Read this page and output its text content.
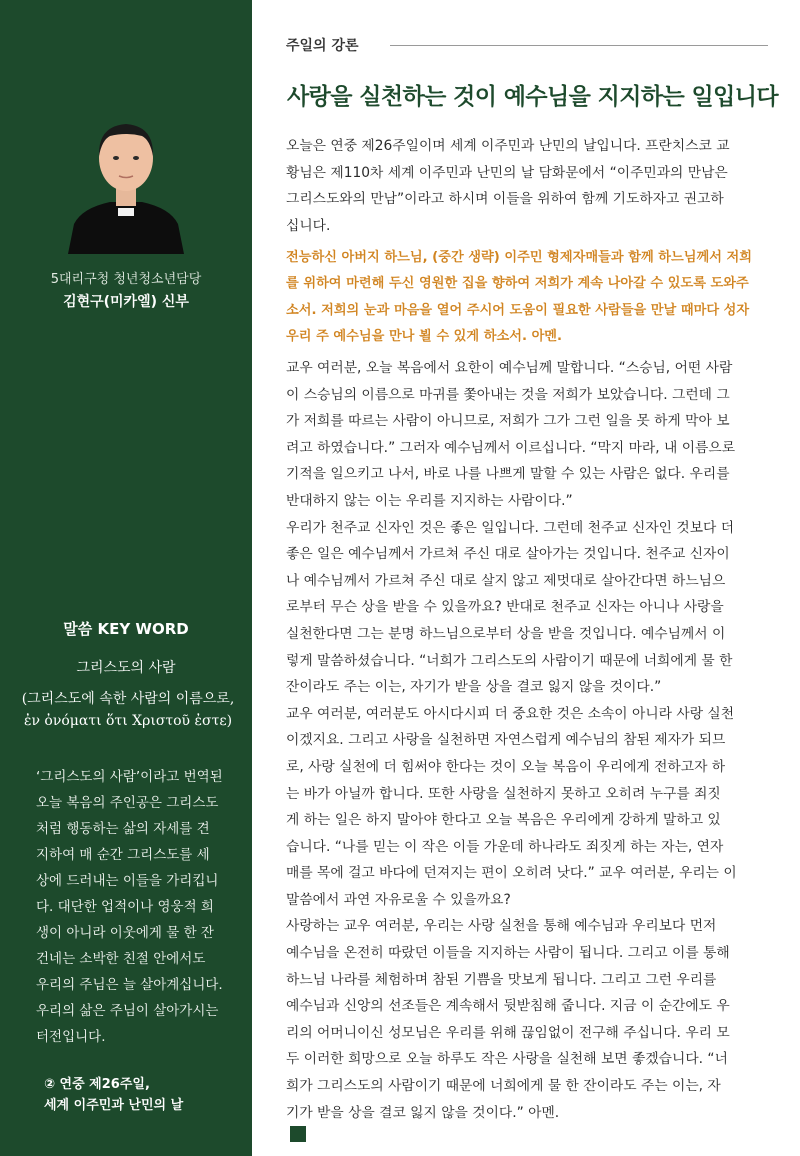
5대리구청 청년청소년담당
김현구(미카엘) 신부
말씀 KEY WORD
그리스도의 사람
(그리스도에 속한 사람의 이름으로,
ἐν ὀνόματι ὅτι Χριστοῦ ἐστε)
‘그리스도의 사람’이라고 번역된
오늘 복음의 주인공은 그리스도
처럼 행동하는 삶의 자세를 견
지하여 매 순간 그리스도를 세
상에 드러내는 이들을 가리킵니
다. 대단한 업적이나 영웅적 희
생이 아니라 이웃에게 물 한 잔
건네는 소박한 친절 안에서도
우리의 주님은 늘 살아계십니다.
우리의 삶은 주님이 살아가시는
터전입니다.
② 연중 제26주일,
세계 이주민과 난민의 날
주일의 강론
사랑을 실천하는 것이 예수님을 지지하는 일입니다
오늘은 연중 제26주일이며 세계 이주민과 난민의 날입니다. 프란치스코 교
황님은 제110차 세계 이주민과 난민의 날 담화문에서 “이주민과의 만남은
그리스도와의 만남”이라고 하시며 이들을 위하여 함께 기도하자고 권고하
십니다.
전능하신 아버지 하느님, (중간 생략) 이주민 형제자매들과 함께 하느님께서 저희
를 위하여 마련해 두신 영원한 집을 향하여 저희가 계속 나아갈 수 있도록 도와주
소서. 저희의 눈과 마음을 열어 주시어 도움이 필요한 사람들을 만날 때마다 성자
우리 주 예수님을 만나 뵐 수 있게 하소서. 아멘.
교우 여러분, 오늘 복음에서 요한이 예수님께 말합니다. “스승님, 어떤 사람
이 스승님의 이름으로 마귀를 쫓아내는 것을 저희가 보았습니다. 그런데 그
가 저희를 따르는 사람이 아니므로, 저희가 그가 그런 일을 못 하게 막아 보
려고 하였습니다.” 그러자 예수님께서 이르십니다. “막지 마라, 내 이름으로
기적을 일으키고 나서, 바로 나를 나쁘게 말할 수 있는 사람은 없다. 우리를
반대하지 않는 이는 우리를 지지하는 사람이다.”
우리가 천주교 신자인 것은 좋은 일입니다. 그런데 천주교 신자인 것보다 더
좋은 일은 예수님께서 가르쳐 주신 대로 살아가는 것입니다. 천주교 신자이
나 예수님께서 가르쳐 주신 대로 살지 않고 제멋대로 살아간다면 하느님으
로부터 무슨 상을 받을 수 있을까요? 반대로 천주교 신자는 아니나 사랑을
실천한다면 그는 분명 하느님으로부터 상을 받을 것입니다. 예수님께서 이
렇게 말씀하셨습니다. “너희가 그리스도의 사람이기 때문에 너희에게 물 한
잔이라도 주는 이는, 자기가 받을 상을 결코 잃지 않을 것이다.”
교우 여러분, 여러분도 아시다시피 더 중요한 것은 소속이 아니라 사랑 실천
이겠지요. 그리고 사랑을 실천하면 자연스럽게 예수님의 참된 제자가 되므
로, 사랑 실천에 더 힘써야 한다는 것이 오늘 복음이 우리에게 전하고자 하
는 바가 아닐까 합니다. 또한 사랑을 실천하지 못하고 오히려 누구를 죄짓
게 하는 일은 하지 말아야 한다고 오늘 복음은 우리에게 강하게 말하고 있
습니다. “나를 믿는 이 작은 이들 가운데 하나라도 죄짓게 하는 자는, 연자
매를 목에 걸고 바다에 던져지는 편이 오히려 낫다.” 교우 여러분, 우리는 이
말씀에서 과연 자유로울 수 있을까요?
사랑하는 교우 여러분, 우리는 사랑 실천을 통해 예수님과 우리보다 먼저
예수님을 온전히 따랐던 이들을 지지하는 사람이 됩니다. 그리고 이를 통해
하느님 나라를 체험하며 참된 기쁨을 맛보게 됩니다. 그리고 그런 우리를
예수님과 신앙의 선조들은 계속해서 뒷받침해 줍니다. 지금 이 순간에도 우
리의 어머니이신 성모님은 우리를 위해 끊임없이 전구해 주십니다. 우리 모
두 이러한 희망으로 오늘 하루도 작은 사랑을 실천해 보면 좋겠습니다. “너
희가 그리스도의 사람이기 때문에 너희에게 물 한 잔이라도 주는 이는, 자
기가 받을 상을 결코 잃지 않을 것이다.” 아멘.
